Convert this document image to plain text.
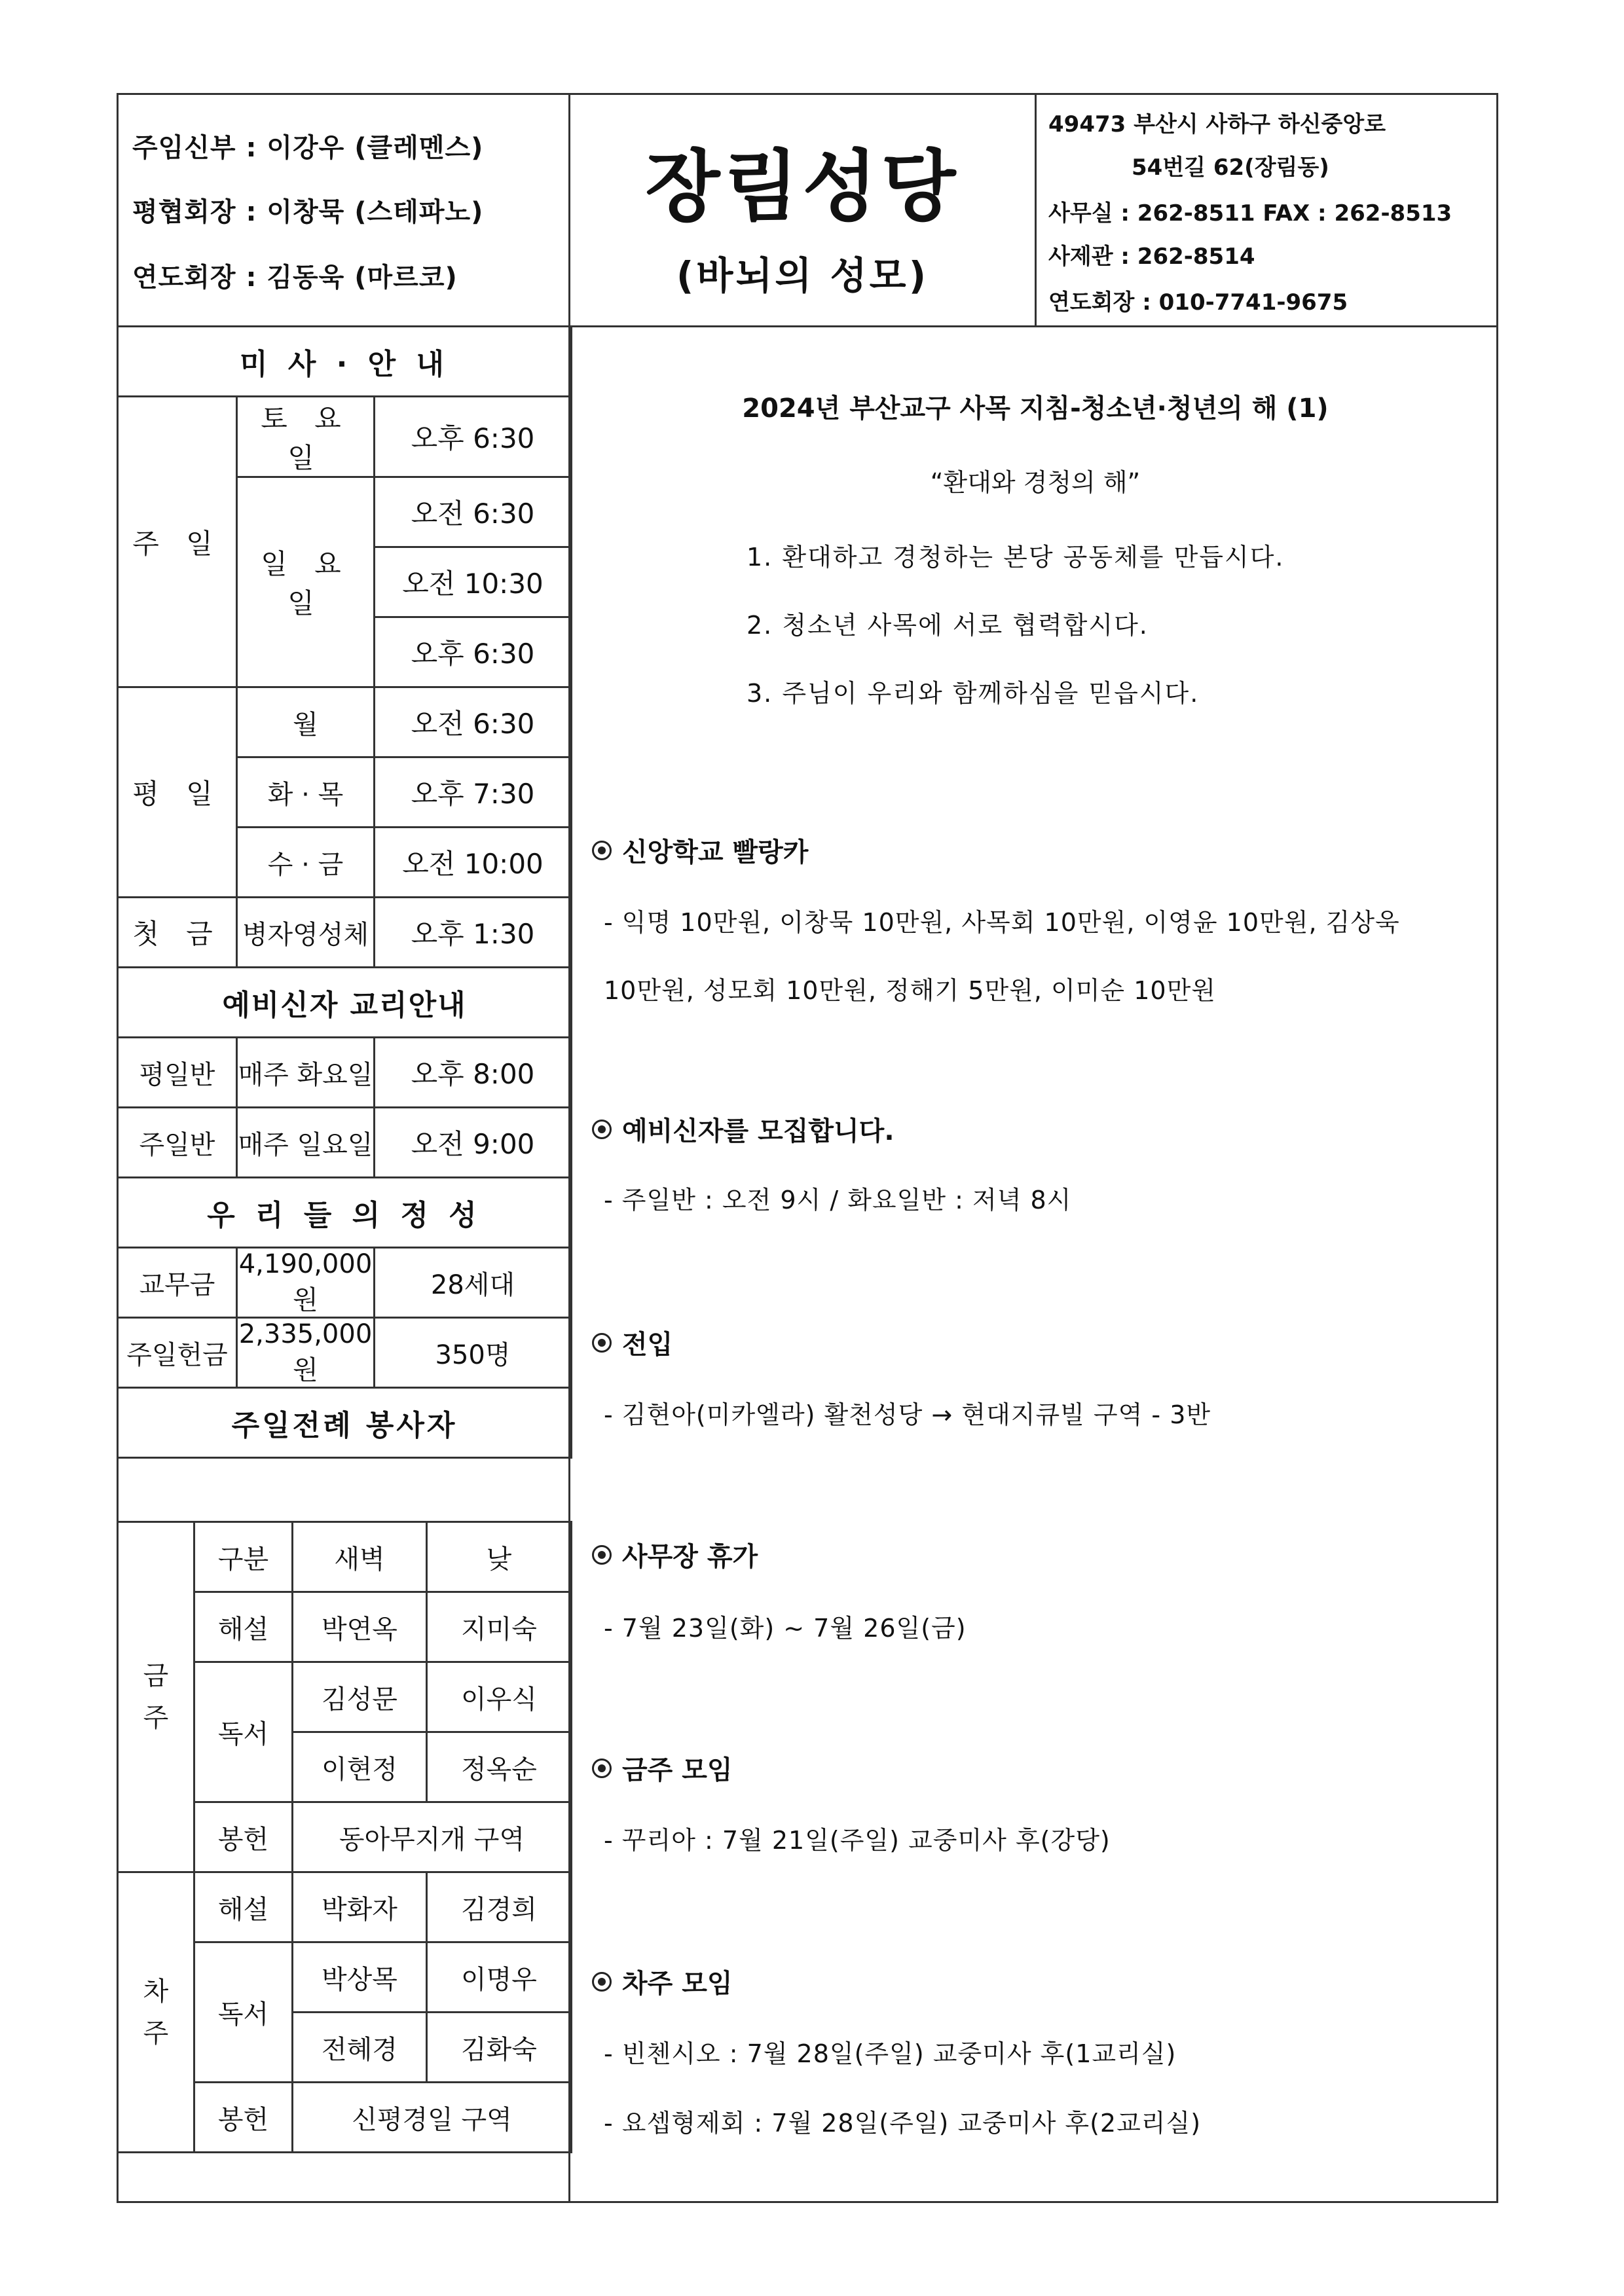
주임신부 : 이강우 (클레멘스)
평협회장 : 이창묵 (스테파노)
연도회장 : 김동욱 (마르코)
장림성당
(바뇌의 성모)
49473 부산시 사하구 하신중앙로
54번길 62(장림동)
사무실 : 262-8511 FAX : 262-8513
사제관 : 262-8514
연도회장 : 010-7741-9675
미 사 · 안 내		
주 일	토 요 일	오후 6:30
	일 요 일	오전 6:30
		오전 10:30
		오후 6:30
평 일	월	오전 6:30
	화 · 목	오후 7:30
	수 · 금	오전 10:00
첫 금	병자영성체	오후 1:30
예비신자 교리안내		
평일반	매주 화요일	오후 8:00
주일반	매주 일요일	오전 9:00
우 리 들 의 정 성		
교무금	4,190,000원	28세대
주일헌금	2,335,000원	350명
주일전례 봉사자		
금
주	구분	새벽	낮
	해설	박연옥	지미숙
	독서	김성문	이우식
		이현정	정옥순
	봉헌	동아무지개 구역	
차
주	해설	박화자	김경희
	독서	박상목	이명우
		전혜경	김화숙
	봉헌	신평경일 구역	
2024년 부산교구 사목 지침-청소년·청년의 해 (1)
“환대와 경청의 해”
1. 환대하고 경청하는 본당 공동체를 만듭시다.
2. 청소년 사목에 서로 협력합시다.
3. 주님이 우리와 함께하심을 믿읍시다.
신앙학교 빨랑카
- 익명 10만원, 이창묵 10만원, 사목회 10만원, 이영윤 10만원, 김상욱
10만원, 성모회 10만원, 정해기 5만원, 이미순 10만원
예비신자를 모집합니다.
- 주일반 : 오전 9시 / 화요일반 : 저녁 8시
전입
- 김현아(미카엘라) 활천성당 → 현대지큐빌 구역 - 3반
사무장 휴가
- 7월 23일(화) ~ 7월 26일(금)
금주 모임
- 꾸리아 : 7월 21일(주일) 교중미사 후(강당)
차주 모임
- 빈첸시오 : 7월 28일(주일) 교중미사 후(1교리실)
- 요셉형제회 : 7월 28일(주일) 교중미사 후(2교리실)
